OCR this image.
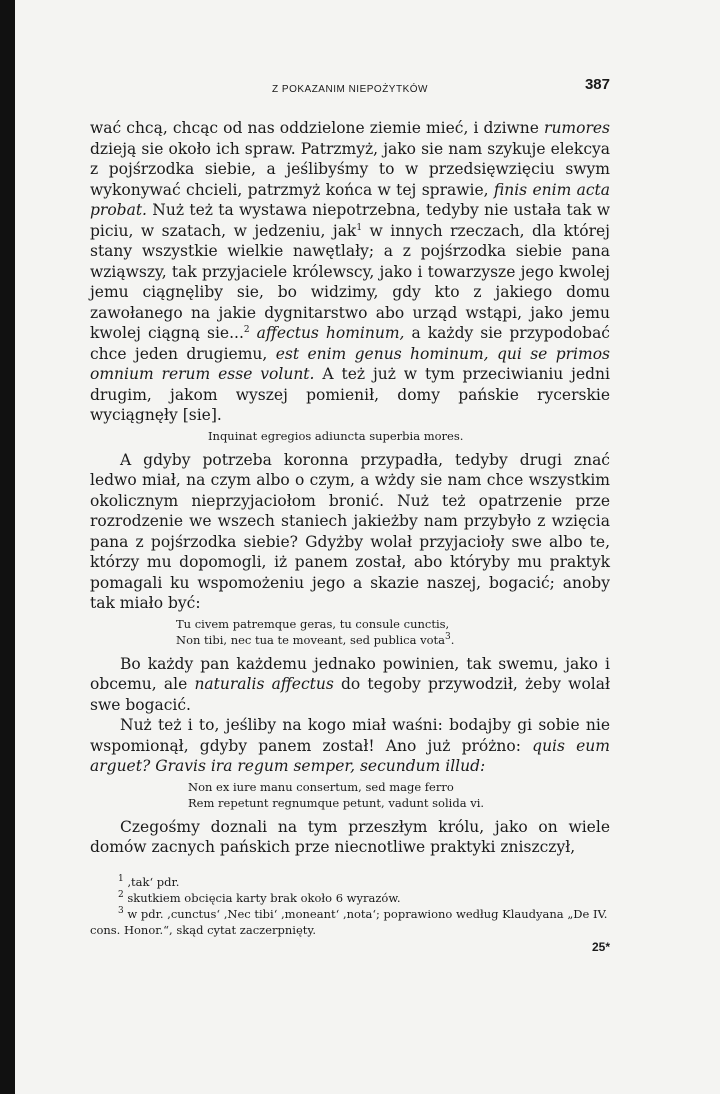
Z POKAZANIM NIEPOŻYTKÓW	387

wać chcą, chcąc od nas oddzielone ziemie mieć, i dziwne rumores dzieją sie około ich spraw. Patrzmyż, jako sie nam szykuje elekcya z pojśrzodka siebie, a jeślibyśmy to w przedsięwzięciu swym wykonywać chcieli, patrzmyż końca w tej sprawie, finis enim acta probat. Nuż też ta wystawa niepotrzebna, tedyby nie ustała tak w piciu, w szatach, w jedzeniu, jak$^1$ w innych rzeczach, dla której stany wszystkie wielkie nawętlały; a z pojśrzodka siebie pana wziąwszy, tak przyjaciele królewscy, jako i towarzysze jego kwolej jemu ciągnęliby sie, bo widzimy, gdy kto z jakiego domu zawołanego na jakie dygnitarstwo abo urząd wstąpi, jako jemu kwolej ciągną sie...$^2$ affectus hominum, a każdy sie przypodobać chce jeden drugiemu, est enim genus hominum, qui se primos omnium rerum esse volunt. A też już w tym przeciwianiu jedni drugim, jakom wyszej pomienił, domy pańskie rycerskie wyciągnęły [sie].

Inquinat egregios adiuncta superbia mores.

A gdyby potrzeba koronna przypadła, tedyby drugi znać ledwo miał, na czym albo o czym, a wżdy sie nam chce wszystkim okolicznym nieprzyjaciołom bronić. Nuż też opatrzenie prze rozrodzenie we wszech staniech jakieżby nam przybyło z wzięcia pana z pojśrzodka siebie? Gdyżby wolał przyjacioły swe albo te, którzy mu dopomogli, iż panem został, abo któryby mu praktyk pomagali ku wspomożeniu jego a skazie naszej, bogacić; anoby tak miało być:

Tu civem patremque geras, tu consule cunctis,
Non tibi, nec tua te moveant, sed publica vota$^3$.

Bo każdy pan każdemu jednako powinien, tak swemu, jako i obcemu, ale naturalis affectus do tegoby przywodził, żeby wolał swe bogacić.

Nuż też i to, jeśliby na kogo miał waśni: bodajby gi sobie nie wspomionął, gdyby panem został! Ano już próżno: quis eum arguet? Gravis ira regum semper, secundum illud:

Non ex iure manu consertum, sed mage ferro
Rem repetunt regnumque petunt, vadunt solida vi.

Czegośmy doznali na tym przeszłym królu, jako on wiele domów zacnych pańskich prze niecnotliwe praktyki zniszczył,

$^1$ ‚tak‘ pdr.
$^2$ skutkiem obcięcia karty brak około 6 wyrazów.
$^3$ w pdr. ‚cunctus‘ ‚Nec tibi‘ ‚moneant‘ ‚nota‘; poprawiono według Klaudyana „De IV. cons. Honor.“, skąd cytat zaczerpnięty.
25*
